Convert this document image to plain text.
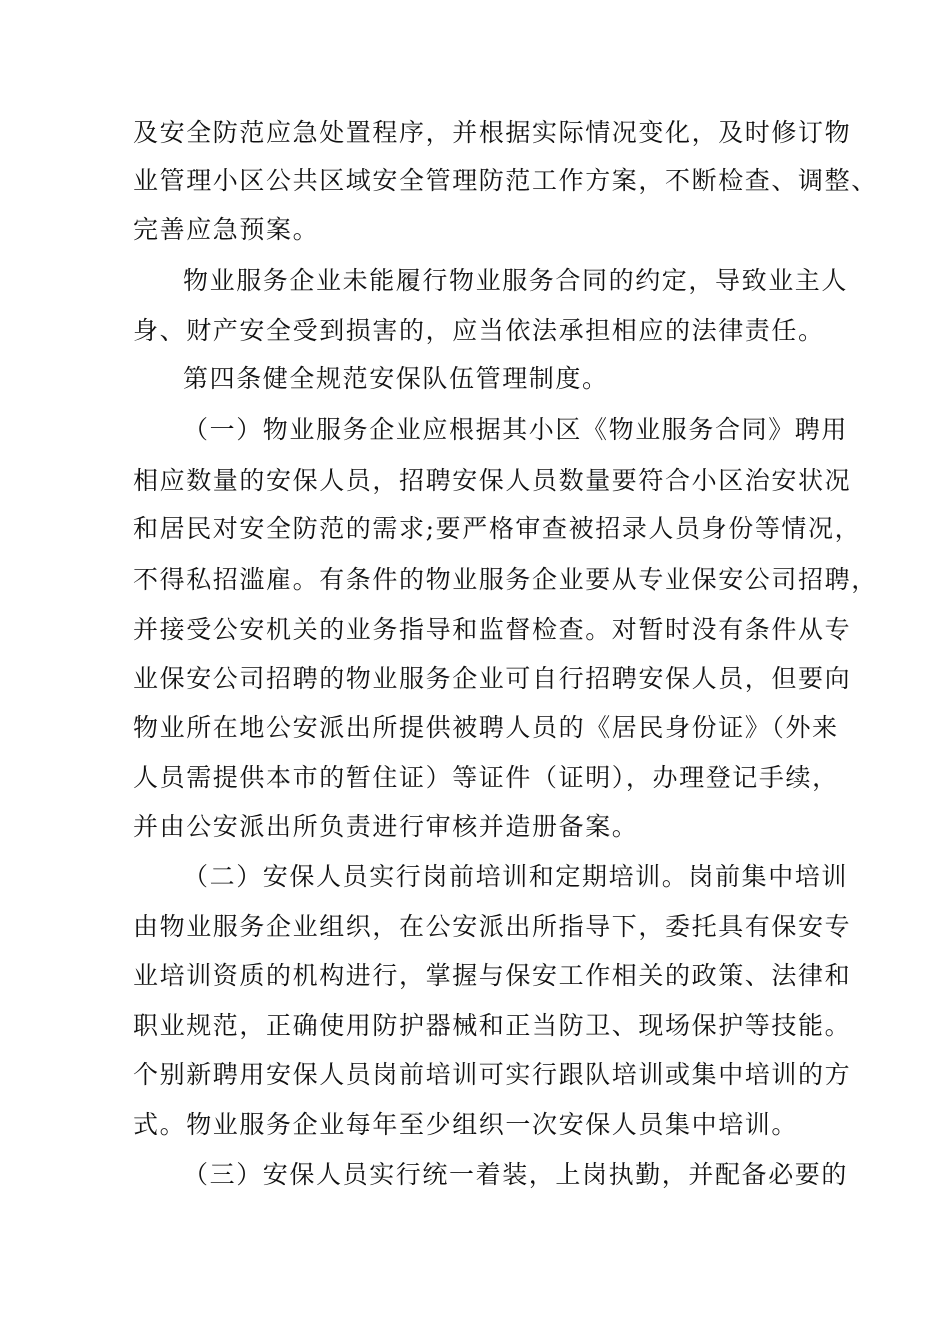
及安全防范应急处置程序，并根据实际情况变化，及时修订物
业管理小区公共区域安全管理防范工作方案，不断检查、调整、
完善应急预案。
物业服务企业未能履行物业服务合同的约定，导致业主人
身、财产安全受到损害的，应当依法承担相应的法律责任。
第四条健全规范安保队伍管理制度。
（一）物业服务企业应根据其小区《物业服务合同》聘用
相应数量的安保人员，招聘安保人员数量要符合小区治安状况
和居民对安全防范的需求;要严格审查被招录人员身份等情况，
不得私招滥雇。有条件的物业服务企业要从专业保安公司招聘，
并接受公安机关的业务指导和监督检查。对暂时没有条件从专
业保安公司招聘的物业服务企业可自行招聘安保人员，但要向
物业所在地公安派出所提供被聘人员的《居民身份证》（外来
人员需提供本市的暂住证）等证件（证明），办理登记手续，
并由公安派出所负责进行审核并造册备案。
（二）安保人员实行岗前培训和定期培训。岗前集中培训
由物业服务企业组织，在公安派出所指导下，委托具有保安专
业培训资质的机构进行，掌握与保安工作相关的政策、法律和
职业规范，正确使用防护器械和正当防卫、现场保护等技能。
个别新聘用安保人员岗前培训可实行跟队培训或集中培训的方
式。物业服务企业每年至少组织一次安保人员集中培训。
（三）安保人员实行统一着装，上岗执勤，并配备必要的
